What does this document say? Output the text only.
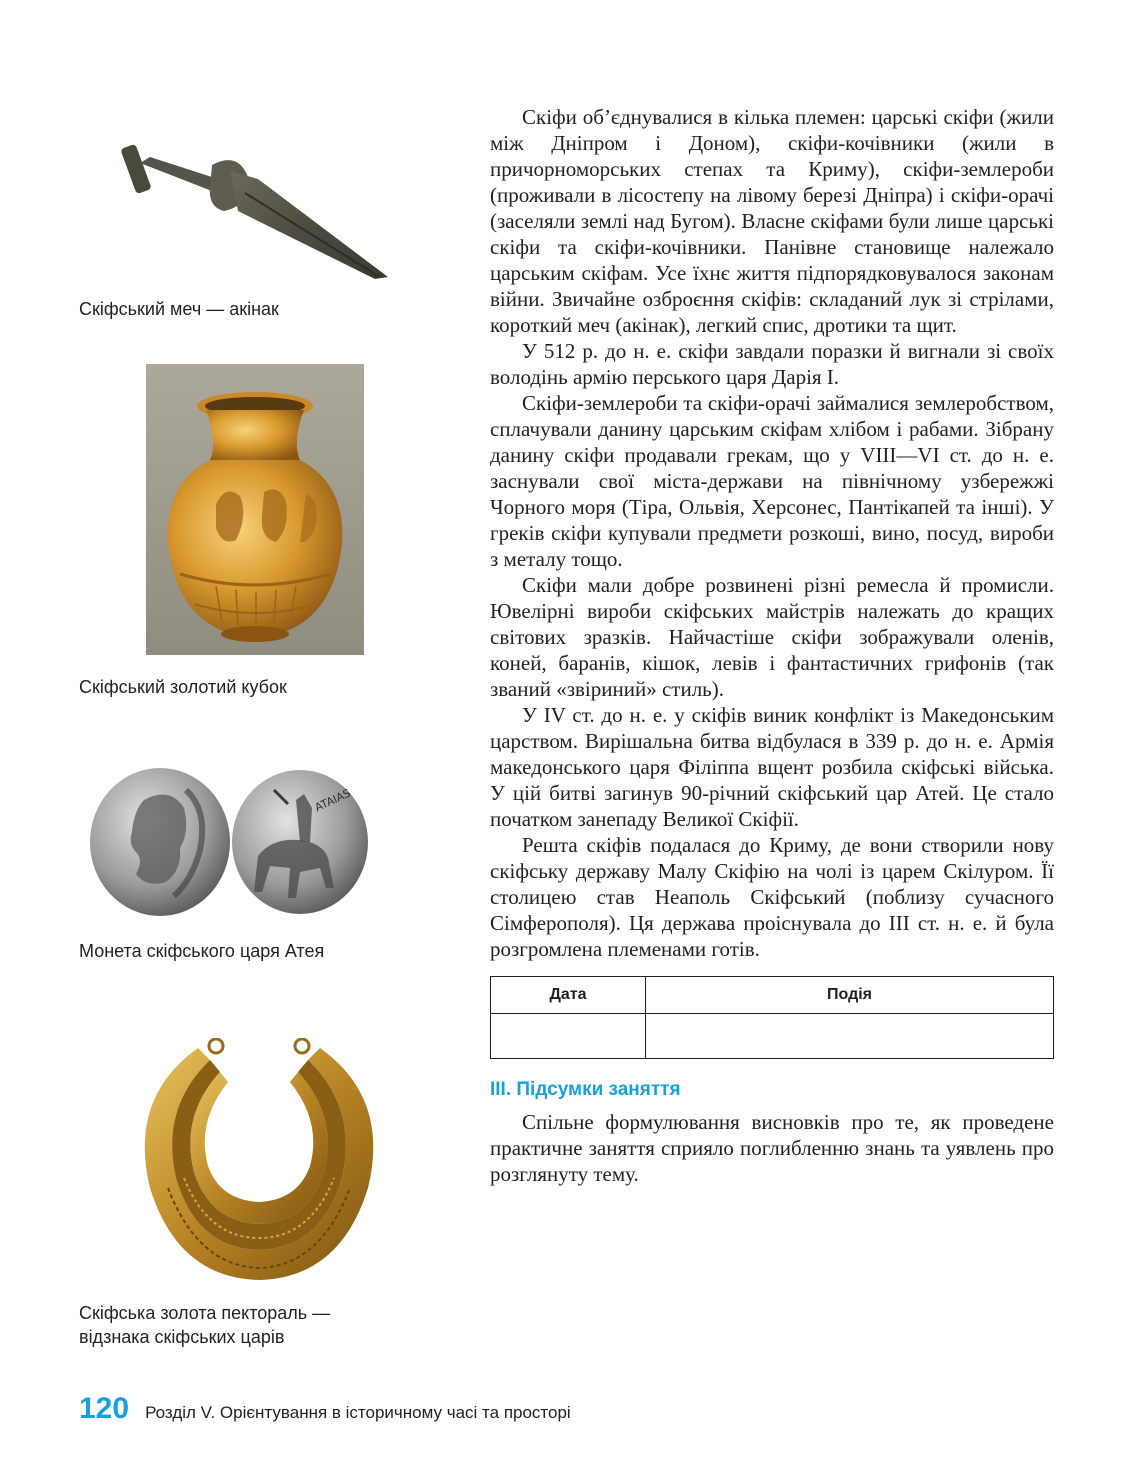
Скіфський меч — акінак
Скіфський золотий кубок
ATAIAS
Монета скіфського царя Атея
Скіфська золота пектораль —
відзнака скіфських царів

Скіфи об’єднувалися в кілька племен: царські скіфи (жили між Дніпром і Доном), скіфи-кочівники (жили в причорноморських степах та Криму), скіфи-землероби (проживали в лісостепу на лівому березі Дніпра) і скіфи-орачі (заселяли землі над Бугом). Власне скіфами були лише царські скіфи та скіфи-кочівники. Панівне становище належало царським скіфам. Усе їхнє життя підпорядковувалося законам війни. Звичайне озброєння скіфів: складаний лук зі стрілами, короткий меч (акінак), легкий спис, дротики та щит.

У 512 р. до н. е. скіфи завдали поразки й вигнали зі своїх володінь армію перського царя Дарія І.

Скіфи-землероби та скіфи-орачі займалися землеробством, сплачували данину царським скіфам хлібом і рабами. Зібрану данину скіфи продавали грекам, що у VIII—VI ст. до н. е. заснували свої міста-держави на північному узбережжі Чорного моря (Тіра, Ольвія, Херсонес, Пантікапей та інші). У греків скіфи купували предмети розкоші, вино, посуд, вироби з металу тощо.

Скіфи мали добре розвинені різні ремесла й промисли. Ювелірні вироби скіфських майстрів належать до кращих світових зразків. Найчастіше скіфи зображували оленів, коней, баранів, кішок, левів і фантастичних грифонів (так званий «звіриний» стиль).

У IV ст. до н. е. у скіфів виник конфлікт із Македонським царством. Вирішальна битва відбулася в 339 р. до н. е. Армія македонського царя Філіппа вщент розбила скіфські війська. У цій битві загинув 90-річний скіфський цар Атей. Це стало початком занепаду Великої Скіфії.

Решта скіфів подалася до Криму, де вони створили нову скіфську державу Малу Скіфію на чолі із царем Скілуром. Її столицею став Неаполь Скіфський (поблизу сучасного Сімферополя). Ця держава проіснувала до ІІІ ст. н. е. й була розгромлена племенами готів.

Дата	Подія

ІІІ. Підсумки заняття

Спільне формулювання висновків про те, як проведене практичне заняття сприяло поглибленню знань та уявлень про розглянуту тему.

120 Розділ V. Орієнтування в історичному часі та просторі
